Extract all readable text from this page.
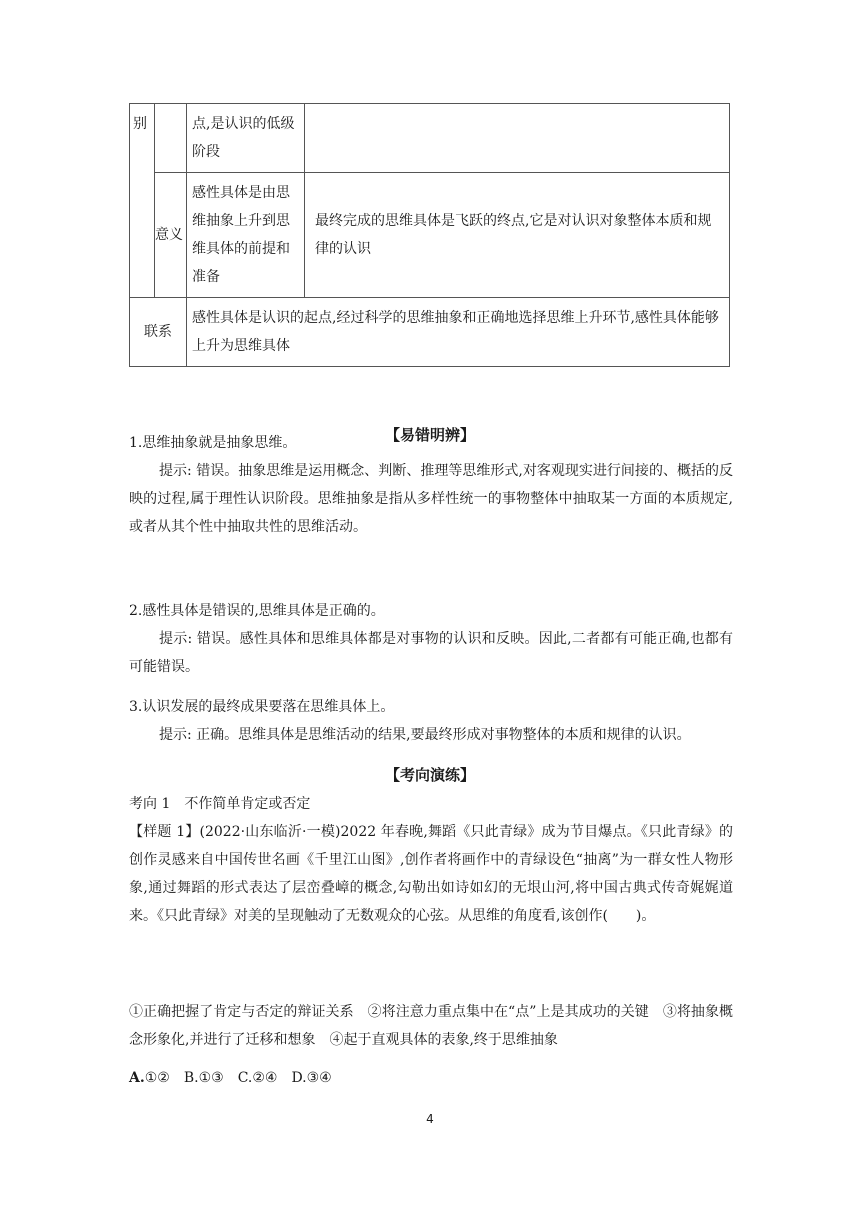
别		点,是认识的低级阶段	
	意义	感性具体是由思维抽象上升到思维具体的前提和准备	最终完成的思维具体是飞跃的终点,它是对认识对象整体本质和规律的认识
联系		感性具体是认识的起点,经过科学的思维抽象和正确地选择思维上升环节,感性具体能够上升为思维具体	
【易错明辨】

1.思维抽象就是抽象思维。

提示: 错误。抽象思维是运用概念、判断、推理等思维形式,对客观现实进行间接的、概括的反映的过程,属于理性认识阶段。思维抽象是指从多样性统一的事物整体中抽取某一方面的本质规定,或者从其个性中抽取共性的思维活动。

2.感性具体是错误的,思维具体是正确的。

提示: 错误。感性具体和思维具体都是对事物的认识和反映。因此,二者都有可能正确,也都有可能错误。

3.认识发展的最终成果要落在思维具体上。

提示: 正确。思维具体是思维活动的结果,要最终形成对事物整体的本质和规律的认识。

【考向演练】

考向 1　不作简单肯定或否定

【样题 1】(2022·山东临沂·一模)2022 年春晚,舞蹈《只此青绿》成为节目爆点。《只此青绿》的创作灵感来自中国传世名画《千里江山图》,创作者将画作中的青绿设色“抽离”为一群女性人物形象,通过舞蹈的形式表达了层峦叠嶂的概念,勾勒出如诗如幻的无垠山河,将中国古典式传奇娓娓道来。《只此青绿》对美的呈现触动了无数观众的心弦。从思维的角度看,该创作(　　)。

①正确把握了肯定与否定的辩证关系　②将注意力重点集中在“点”上是其成功的关键　③将抽象概念形象化,并进行了迁移和想象　④起于直观具体的表象,终于思维抽象

A.①②　B.①③　C.②④　D.③④

4
